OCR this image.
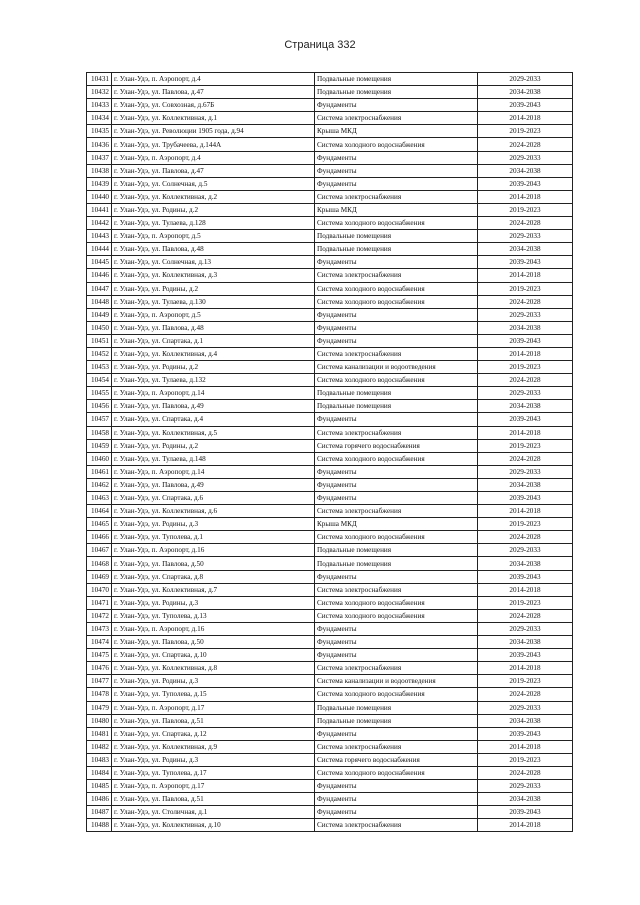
Страница 332
10431	г. Улан-Удэ, п. Аэропорт, д.4	Подвальные помещения	2029-2033
10432	г. Улан-Удэ, ул. Павлова, д.47	Подвальные помещения	2034-2038
10433	г. Улан-Удэ, ул. Совхозная, д.67Б	Фундаменты	2039-2043
10434	г. Улан-Удэ, ул. Коллективная, д.1	Система электроснабжения	2014-2018
10435	г. Улан-Удэ, ул. Революции 1905 года, д.94	Крыша МКД	2019-2023
10436	г. Улан-Удэ, ул. Трубачеева, д.144А	Система холодного водоснабжения	2024-2028
10437	г. Улан-Удэ, п. Аэропорт, д.4	Фундаменты	2029-2033
10438	г. Улан-Удэ, ул. Павлова, д.47	Фундаменты	2034-2038
10439	г. Улан-Удэ, ул. Солнечная, д.5	Фундаменты	2039-2043
10440	г. Улан-Удэ, ул. Коллективная, д.2	Система электроснабжения	2014-2018
10441	г. Улан-Удэ, ул. Родины, д.2	Крыша МКД	2019-2023
10442	г. Улан-Удэ, ул. Тулаева, д.128	Система холодного водоснабжения	2024-2028
10443	г. Улан-Удэ, п. Аэропорт, д.5	Подвальные помещения	2029-2033
10444	г. Улан-Удэ, ул. Павлова, д.48	Подвальные помещения	2034-2038
10445	г. Улан-Удэ, ул. Солнечная, д.13	Фундаменты	2039-2043
10446	г. Улан-Удэ, ул. Коллективная, д.3	Система электроснабжения	2014-2018
10447	г. Улан-Удэ, ул. Родины, д.2	Система холодного водоснабжения	2019-2023
10448	г. Улан-Удэ, ул. Тулаева, д.130	Система холодного водоснабжения	2024-2028
10449	г. Улан-Удэ, п. Аэропорт, д.5	Фундаменты	2029-2033
10450	г. Улан-Удэ, ул. Павлова, д.48	Фундаменты	2034-2038
10451	г. Улан-Удэ, ул. Спартака, д.1	Фундаменты	2039-2043
10452	г. Улан-Удэ, ул. Коллективная, д.4	Система электроснабжения	2014-2018
10453	г. Улан-Удэ, ул. Родины, д.2	Система канализации и водоотведения	2019-2023
10454	г. Улан-Удэ, ул. Тулаева, д.132	Система холодного водоснабжения	2024-2028
10455	г. Улан-Удэ, п. Аэропорт, д.14	Подвальные помещения	2029-2033
10456	г. Улан-Удэ, ул. Павлова, д.49	Подвальные помещения	2034-2038
10457	г. Улан-Удэ, ул. Спартака, д.4	Фундаменты	2039-2043
10458	г. Улан-Удэ, ул. Коллективная, д.5	Система электроснабжения	2014-2018
10459	г. Улан-Удэ, ул. Родины, д.2	Система горячего водоснабжения	2019-2023
10460	г. Улан-Удэ, ул. Тулаева, д.148	Система холодного водоснабжения	2024-2028
10461	г. Улан-Удэ, п. Аэропорт, д.14	Фундаменты	2029-2033
10462	г. Улан-Удэ, ул. Павлова, д.49	Фундаменты	2034-2038
10463	г. Улан-Удэ, ул. Спартака, д.6	Фундаменты	2039-2043
10464	г. Улан-Удэ, ул. Коллективная, д.6	Система электроснабжения	2014-2018
10465	г. Улан-Удэ, ул. Родины, д.3	Крыша МКД	2019-2023
10466	г. Улан-Удэ, ул. Туполева, д.1	Система холодного водоснабжения	2024-2028
10467	г. Улан-Удэ, п. Аэропорт, д.16	Подвальные помещения	2029-2033
10468	г. Улан-Удэ, ул. Павлова, д.50	Подвальные помещения	2034-2038
10469	г. Улан-Удэ, ул. Спартака, д.8	Фундаменты	2039-2043
10470	г. Улан-Удэ, ул. Коллективная, д.7	Система электроснабжения	2014-2018
10471	г. Улан-Удэ, ул. Родины, д.3	Система холодного водоснабжения	2019-2023
10472	г. Улан-Удэ, ул. Туполева, д.13	Система холодного водоснабжения	2024-2028
10473	г. Улан-Удэ, п. Аэропорт, д.16	Фундаменты	2029-2033
10474	г. Улан-Удэ, ул. Павлова, д.50	Фундаменты	2034-2038
10475	г. Улан-Удэ, ул. Спартака, д.10	Фундаменты	2039-2043
10476	г. Улан-Удэ, ул. Коллективная, д.8	Система электроснабжения	2014-2018
10477	г. Улан-Удэ, ул. Родины, д.3	Система канализации и водоотведения	2019-2023
10478	г. Улан-Удэ, ул. Туполева, д.15	Система холодного водоснабжения	2024-2028
10479	г. Улан-Удэ, п. Аэропорт, д.17	Подвальные помещения	2029-2033
10480	г. Улан-Удэ, ул. Павлова, д.51	Подвальные помещения	2034-2038
10481	г. Улан-Удэ, ул. Спартака, д.12	Фундаменты	2039-2043
10482	г. Улан-Удэ, ул. Коллективная, д.9	Система электроснабжения	2014-2018
10483	г. Улан-Удэ, ул. Родины, д.3	Система горячего водоснабжения	2019-2023
10484	г. Улан-Удэ, ул. Туполева, д.17	Система холодного водоснабжения	2024-2028
10485	г. Улан-Удэ, п. Аэропорт, д.17	Фундаменты	2029-2033
10486	г. Улан-Удэ, ул. Павлова, д.51	Фундаменты	2034-2038
10487	г. Улан-Удэ, ул. Столичная, д.1	Фундаменты	2039-2043
10488	г. Улан-Удэ, ул. Коллективная, д.10	Система электроснабжения	2014-2018
